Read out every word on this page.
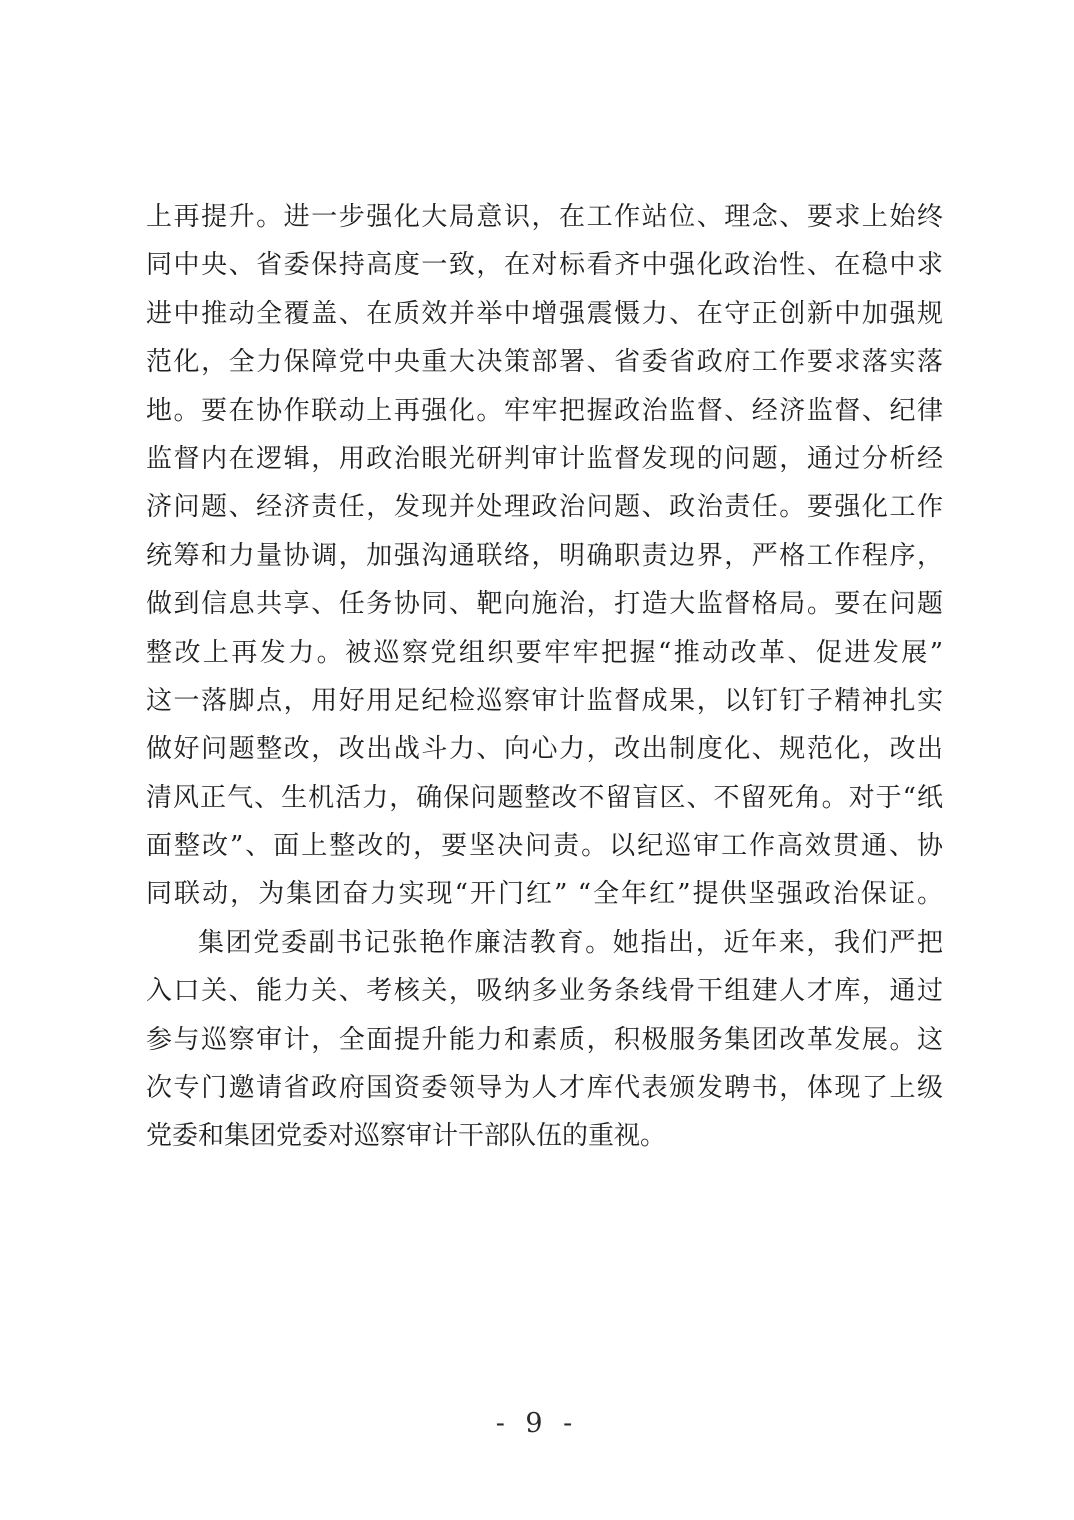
上再提升。进一步强化大局意识，在工作站位、理念、要求上始终
同中央、省委保持高度一致，在对标看齐中强化政治性、在稳中求
进中推动全覆盖、在质效并举中增强震慑力、在守正创新中加强规
范化，全力保障党中央重大决策部署、省委省政府工作要求落实落
地。要在协作联动上再强化。牢牢把握政治监督、经济监督、纪律
监督内在逻辑，用政治眼光研判审计监督发现的问题，通过分析经
济问题、经济责任，发现并处理政治问题、政治责任。要强化工作
统筹和力量协调，加强沟通联络，明确职责边界，严格工作程序，
做到信息共享、任务协同、靶向施治，打造大监督格局。要在问题
整改上再发力。被巡察党组织要牢牢把握“推动改革、促进发展”
这一落脚点，用好用足纪检巡察审计监督成果，以钉钉子精神扎实
做好问题整改，改出战斗力、向心力，改出制度化、规范化，改出
清风正气、生机活力，确保问题整改不留盲区、不留死角。对于“纸
面整改”、面上整改的，要坚决问责。以纪巡审工作高效贯通、协
同联动，为集团奋力实现“开门红” “全年红”提供坚强政治保证。
集团党委副书记张艳作廉洁教育。她指出，近年来，我们严把
入口关、能力关、考核关，吸纳多业务条线骨干组建人才库，通过
参与巡察审计，全面提升能力和素质，积极服务集团改革发展。这
次专门邀请省政府国资委领导为人才库代表颁发聘书，体现了上级
党委和集团党委对巡察审计干部队伍的重视。
- 9 -
